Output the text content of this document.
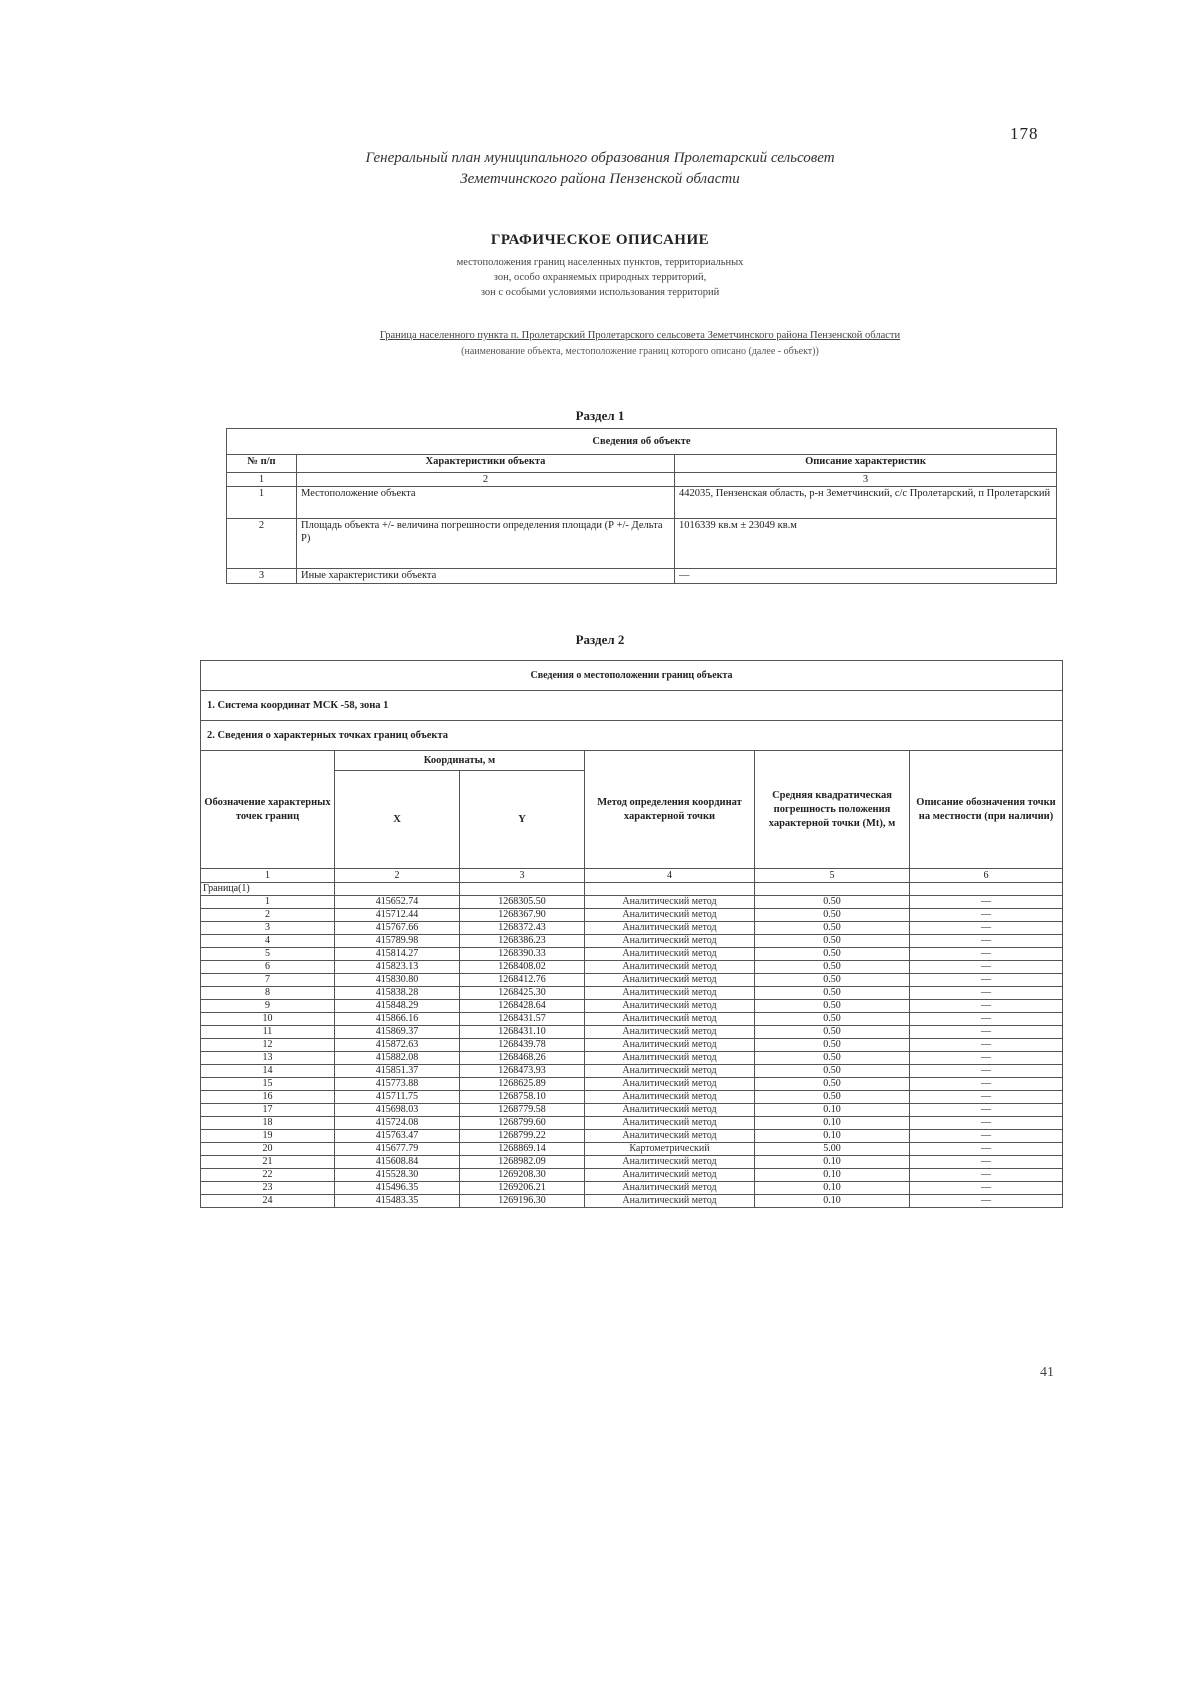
178
Генеральный план муниципального образования Пролетарский сельсовет
Земетчинского района Пензенской области
ГРАФИЧЕСКОЕ ОПИСАНИЕ
местоположения границ населенных пунктов, территориальных
зон, особо охраняемых природных территорий,
зон с особыми условиями использования территорий
Граница населенного пункта п. Пролетарский Пролетарского сельсовета Земетчинского района Пензенской области
(наименование объекта, местоположение границ которого описано (далее - объект))
Раздел 1
Сведения об объекте		
№ п/п	Характеристики объекта	Описание характеристик
1	2	3
1	Местоположение объекта	442035, Пензенская область, р-н Земетчинский, с/с Пролетарский, п Пролетарский
2	Площадь объекта +/- величина погрешности определения площади (Р +/- Дельта Р)	1016339 кв.м ± 23049 кв.м
3	Иные характеристики объекта	—
Раздел 2
Сведения о местоположении границ объекта					
1. Система координат МСК -58, зона 1					
2. Сведения о характерных точках границ объекта					
Обозначение характерных точек границ	Координаты, м		Метод определения координат характерной точки	Средняя квадратическая погрешность положения характерной точки (Мt), м	Описание обозначения точки на местности (при наличии)
	X	Y			
1	2	3	4	5	6
Граница(1)					
1	415652.74	1268305.50	Аналитический метод	0.50	—
2	415712.44	1268367.90	Аналитический метод	0.50	—
3	415767.66	1268372.43	Аналитический метод	0.50	—
4	415789.98	1268386.23	Аналитический метод	0.50	—
5	415814.27	1268390.33	Аналитический метод	0.50	—
6	415823.13	1268408.02	Аналитический метод	0.50	—
7	415830.80	1268412.76	Аналитический метод	0.50	—
8	415838.28	1268425.30	Аналитический метод	0.50	—
9	415848.29	1268428.64	Аналитический метод	0.50	—
10	415866.16	1268431.57	Аналитический метод	0.50	—
11	415869.37	1268431.10	Аналитический метод	0.50	—
12	415872.63	1268439.78	Аналитический метод	0.50	—
13	415882.08	1268468.26	Аналитический метод	0.50	—
14	415851.37	1268473.93	Аналитический метод	0.50	—
15	415773.88	1268625.89	Аналитический метод	0.50	—
16	415711.75	1268758.10	Аналитический метод	0.50	—
17	415698.03	1268779.58	Аналитический метод	0.10	—
18	415724.08	1268799.60	Аналитический метод	0.10	—
19	415763.47	1268799.22	Аналитический метод	0.10	—
20	415677.79	1268869.14	Картометрический	5.00	—
21	415608.84	1268982.09	Аналитический метод	0.10	—
22	415528.30	1269208.30	Аналитический метод	0.10	—
23	415496.35	1269206.21	Аналитический метод	0.10	—
24	415483.35	1269196.30	Аналитический метод	0.10	—
41
